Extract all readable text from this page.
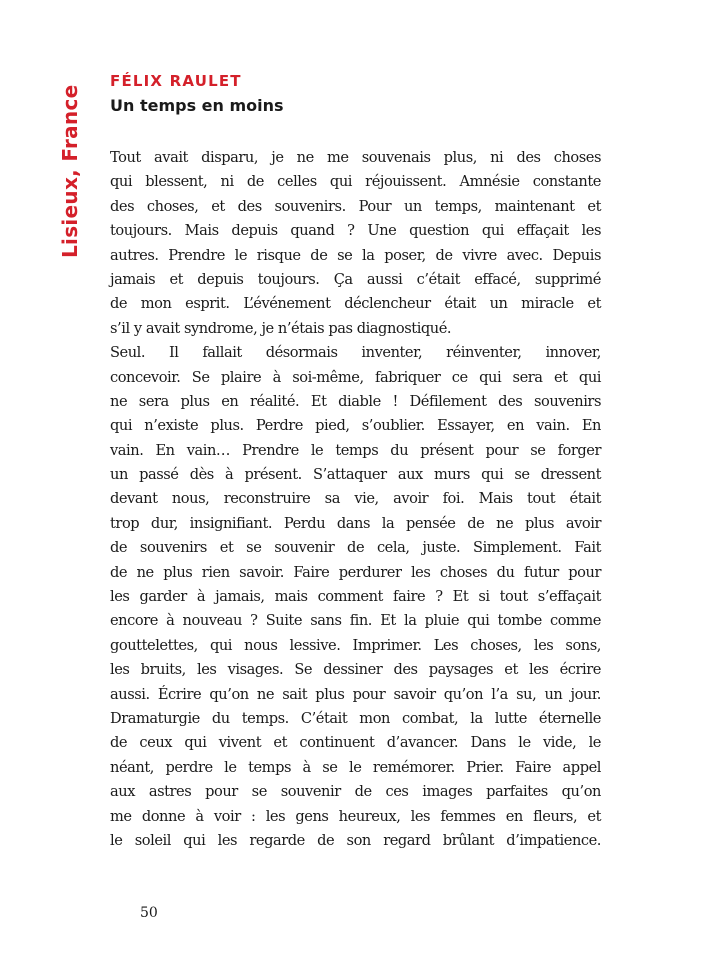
Lisieux, France
FÉLIX RAULET
Un temps en moins
Tout avait disparu, je ne me souvenais plus, ni des choses
qui blessent, ni de celles qui réjouissent. Amnésie constante
des choses, et des souvenirs. Pour un temps, maintenant et
toujours. Mais depuis quand ? Une question qui effaçait les
autres. Prendre le risque de se la poser, de vivre avec. Depuis
jamais et depuis toujours. Ça aussi c’était effacé, supprimé
de mon esprit. L’événement déclencheur était un miracle et
s’il y avait syndrome, je n’étais pas diagnostiqué.
Seul. Il fallait désormais inventer, réinventer, innover,
concevoir. Se plaire à soi-même, fabriquer ce qui sera et qui
ne sera plus en réalité. Et diable ! Défilement des souvenirs
qui n’existe plus. Perdre pied, s’oublier. Essayer, en vain. En
vain. En vain… Prendre le temps du présent pour se forger
un passé dès à présent. S’attaquer aux murs qui se dressent
devant nous, reconstruire sa vie, avoir foi. Mais tout était
trop dur, insignifiant. Perdu dans la pensée de ne plus avoir
de souvenirs et se souvenir de cela, juste. Simplement. Fait
de ne plus rien savoir. Faire perdurer les choses du futur pour
les garder à jamais, mais comment faire ? Et si tout s’effaçait
encore à nouveau ? Suite sans fin. Et la pluie qui tombe comme
gouttelettes, qui nous lessive. Imprimer. Les choses, les sons,
les bruits, les visages. Se dessiner des paysages et les écrire
aussi. Écrire qu’on ne sait plus pour savoir qu’on l’a su, un jour.
Dramaturgie du temps. C’était mon combat, la lutte éternelle
de ceux qui vivent et continuent d’avancer. Dans le vide, le
néant, perdre le temps à se le remémorer. Prier. Faire appel
aux astres pour se souvenir de ces images parfaites qu’on
me donne à voir : les gens heureux, les femmes en fleurs, et
le soleil qui les regarde de son regard brûlant d’impatience.
50
